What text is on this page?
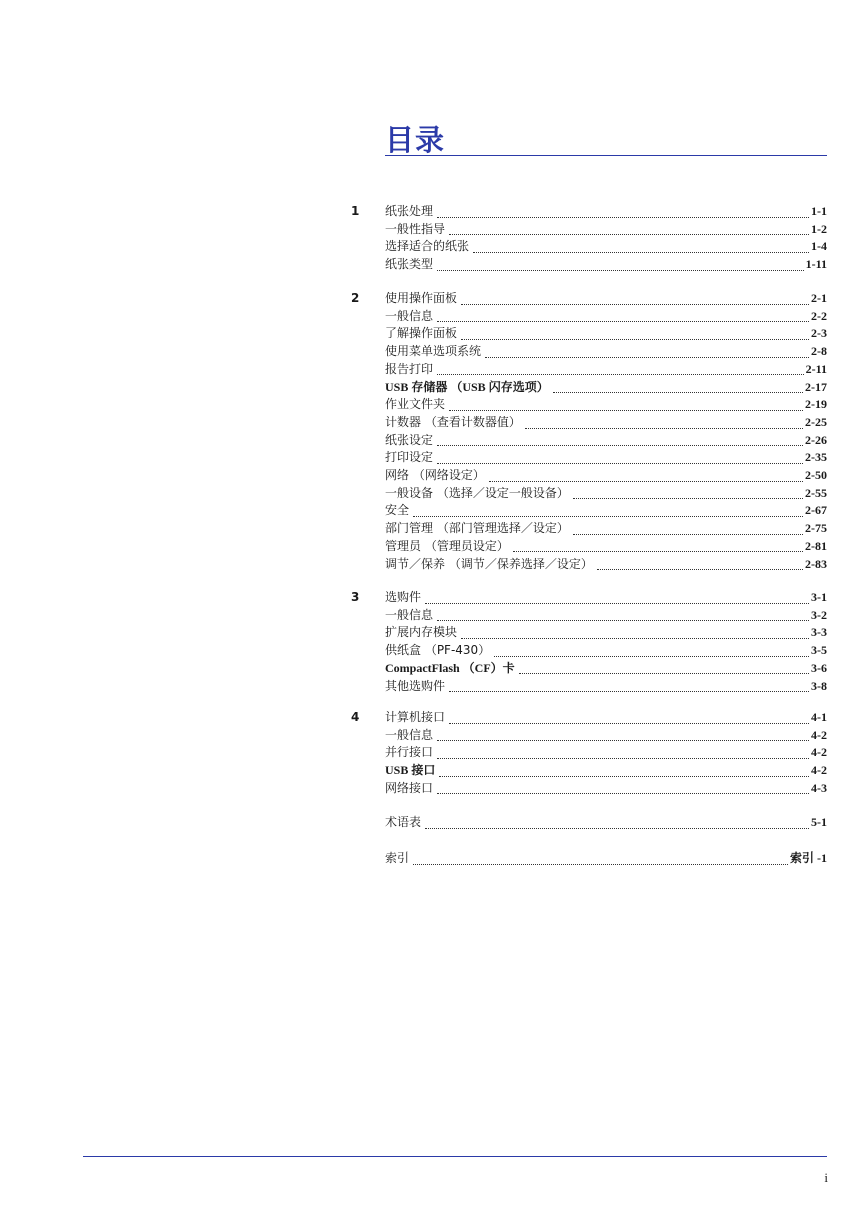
目录
1 纸张处理	1-1
一般性指导	1-2
选择适合的纸张	1-4
纸张类型	1-11
2 使用操作面板	2-1
一般信息	2-2
了解操作面板	2-3
使用菜单选项系统	2-8
报告打印	2-11
USB 存储器 （USB 闪存选项）	2-17
作业文件夹	2-19
计数器 （查看计数器值）	2-25
纸张设定	2-26
打印设定	2-35
网络 （网络设定）	2-50
一般设备 （选择／设定一般设备）	2-55
安全	2-67
部门管理 （部门管理选择／设定）	2-75
管理员 （管理员设定）	2-81
调节／保养 （调节／保养选择／设定）	2-83
3 选购件	3-1
一般信息	3-2
扩展内存模块	3-3
供纸盒 （PF-430）	3-5
CompactFlash （CF）卡	3-6
其他选购件	3-8
4 计算机接口	4-1
一般信息	4-2
并行接口	4-2
USB 接口	4-2
网络接口	4-3
术语表	5-1
索引	索引 -1
i
